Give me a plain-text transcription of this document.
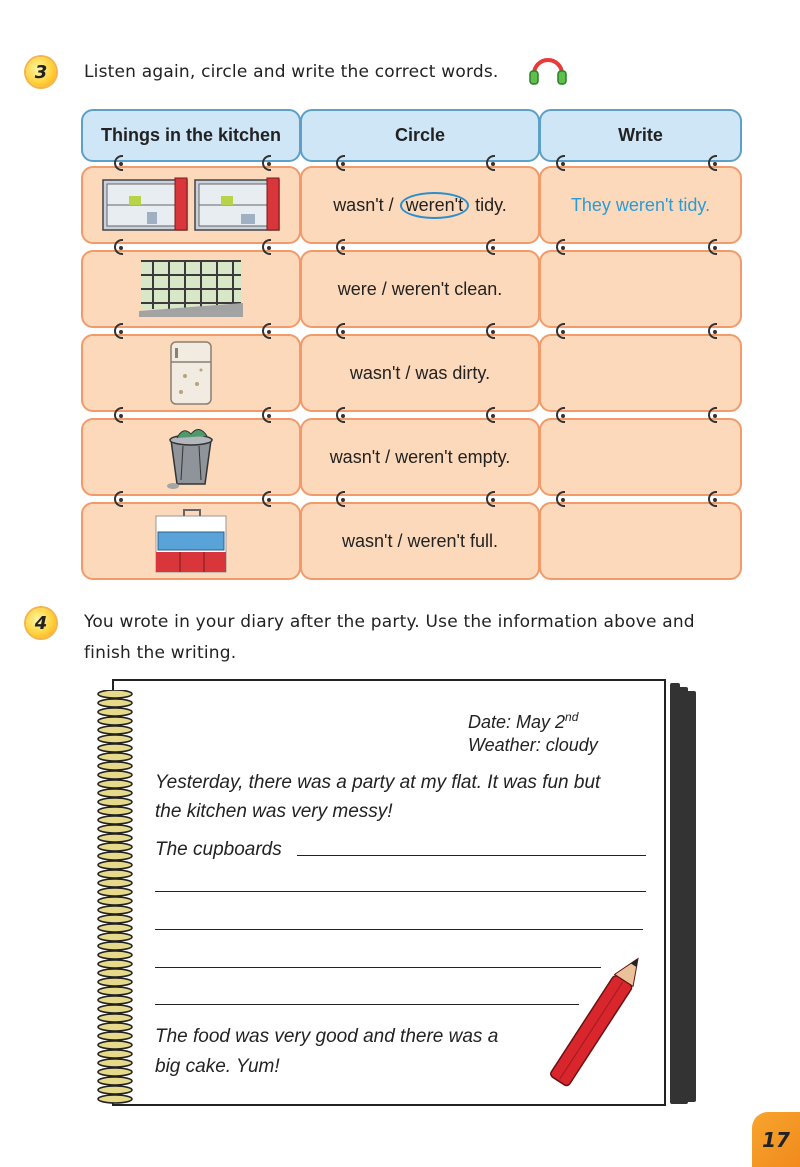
3 Listen again, circle and write the correct words.
Things in the kitchen	Circle	Write
wasn't / weren't tidy.	They weren't tidy.
were / weren't clean.
wasn't / was dirty.
wasn't / weren't empty.
wasn't / weren't full.
4 You wrote in your diary after the party. Use the information above and
finish the writing.
Date: May 2nd
Weather: cloudy
Yesterday, there was a party at my flat. It was fun but
the kitchen was very messy!
The cupboards
The food was very good and there was a
big cake. Yum!
17
